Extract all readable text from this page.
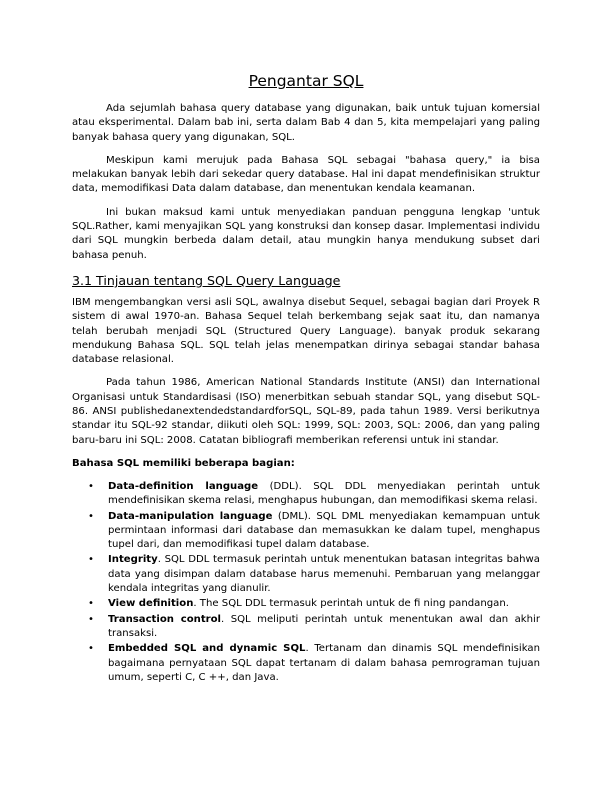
Pengantar SQL

Ada sejumlah bahasa query database yang digunakan, baik untuk tujuan komersial atau eksperimental. Dalam bab ini, serta dalam Bab 4 dan 5, kita mempelajari yang paling banyak bahasa query yang digunakan, SQL.

Meskipun kami merujuk pada Bahasa SQL sebagai "bahasa query," ia bisa melakukan banyak lebih dari sekedar query database. Hal ini dapat mendefinisikan struktur data, memodifikasi Data dalam database, dan menentukan kendala keamanan.

Ini bukan maksud kami untuk menyediakan panduan pengguna lengkap 'untuk SQL.Rather, kami menyajikan SQL yang konstruksi dan konsep dasar. Implementasi individu dari SQL mungkin berbeda dalam detail, atau mungkin hanya mendukung subset dari bahasa penuh.

3.1 Tinjauan tentang SQL Query Language

IBM mengembangkan versi asli SQL, awalnya disebut Sequel, sebagai bagian dari Proyek R sistem di awal 1970-an. Bahasa Sequel telah berkembang sejak saat itu, dan namanya telah berubah menjadi SQL (Structured Query Language). banyak produk sekarang mendukung Bahasa SQL. SQL telah jelas menempatkan dirinya sebagai standar bahasa database relasional.

Pada tahun 1986, American National Standards Institute (ANSI) dan International Organisasi untuk Standardisasi (ISO) menerbitkan sebuah standar SQL, yang disebut SQL-86. ANSI publishedanextendedstandardforSQL, SQL-89, pada tahun 1989. Versi berikutnya standar itu SQL-92 standar, diikuti oleh SQL: 1999, SQL: 2003, SQL: 2006, dan yang paling baru-baru ini SQL: 2008. Catatan bibliografi memberikan referensi untuk ini standar.

Bahasa SQL memiliki beberapa bagian:
• Data-definition language (DDL). SQL DDL menyediakan perintah untuk mendefinisikan skema relasi, menghapus hubungan, dan memodifikasi skema relasi.
• Data-manipulation language (DML). SQL DML menyediakan kemampuan untuk permintaan informasi dari database dan memasukkan ke dalam tupel, menghapus tupel dari, dan memodifikasi tupel dalam database.
• Integrity. SQL DDL termasuk perintah untuk menentukan batasan integritas bahwa data yang disimpan dalam database harus memenuhi. Pembaruan yang melanggar kendala integritas yang dianulir.
• View definition. The SQL DDL termasuk perintah untuk de fi ning pandangan.
• Transaction control. SQL meliputi perintah untuk menentukan awal dan akhir transaksi.
• Embedded SQL and dynamic SQL. Tertanam dan dinamis SQL mendefinisikan bagaimana pernyataan SQL dapat tertanam di dalam bahasa pemrograman tujuan umum, seperti C, C ++, dan Java.
